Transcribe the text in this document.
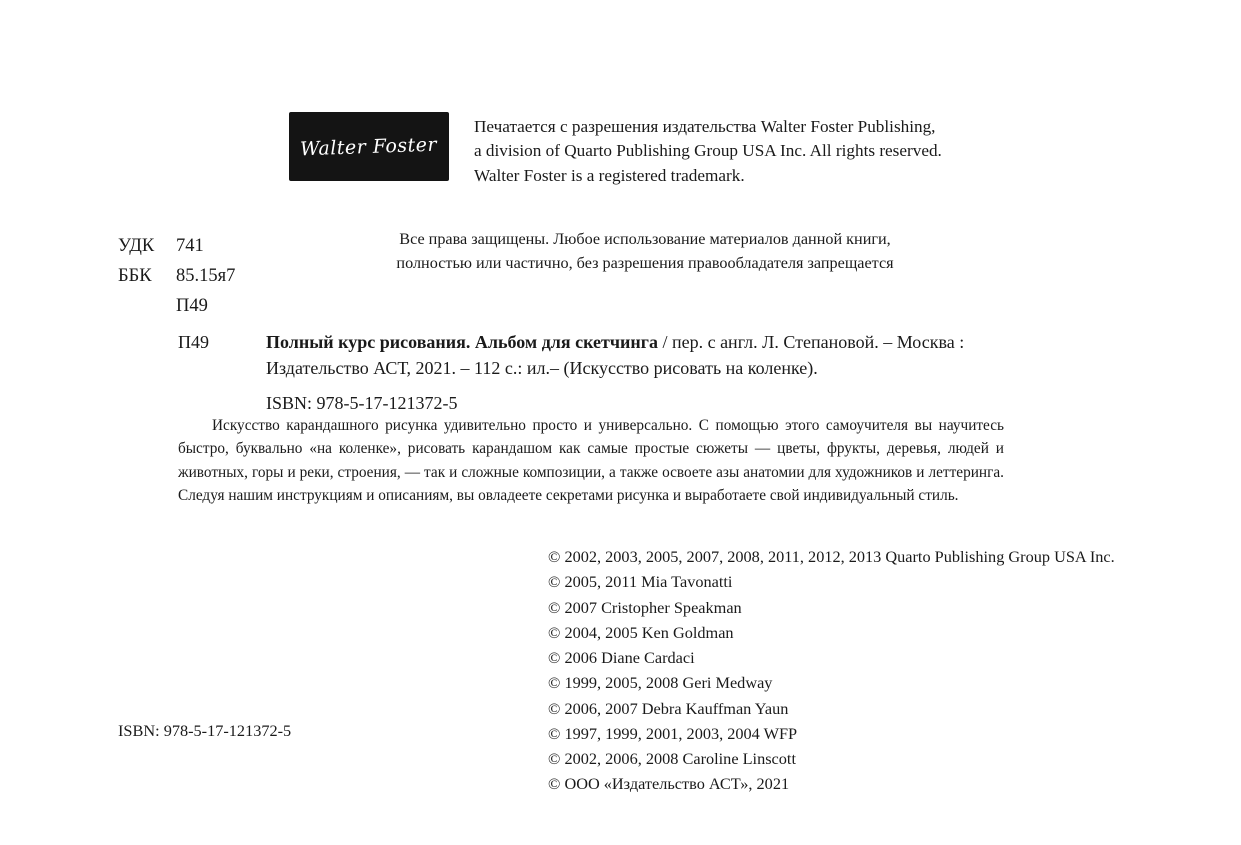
Walter Foster
Печатается с разрешения издательства Walter Foster Publishing,
a division of Quarto Publishing Group USA Inc. All rights reserved.
Walter Foster is a registered trademark.
УДК	741
ББК	85.15я7
П49
Все права защищены. Любое использование материалов данной книги,
полностью или частично, без разрешения правообладателя запрещается
П49	Полный курс рисования. Альбом для скетчинга / пер. с англ. Л. Степановой. – Москва : Издательство АСТ, 2021. – 112 с.: ил.– (Искусство рисовать на коленке).
ISBN: 978-5-17-121372-5
Искусство карандашного рисунка удивительно просто и универсально. С помощью этого самоучителя вы научитесь быстро, буквально «на коленке», рисовать карандашом как самые простые сюжеты — цветы, фрукты, деревья, людей и животных, горы и реки, строения, — так и сложные композиции, а также освоете азы анатомии для художников и леттеринга. Следуя нашим инструкциям и описаниям, вы овладеете секретами рисунка и выработаете свой индивидуальный стиль.
© 2002, 2003, 2005, 2007, 2008, 2011, 2012, 2013 Quarto Publishing Group USA Inc.
© 2005, 2011 Mia Tavonatti
© 2007 Cristopher Speakman
© 2004, 2005 Ken Goldman
© 2006 Diane Cardaci
© 1999, 2005, 2008 Geri Medway
© 2006, 2007 Debra Kauffman Yaun
© 1997, 1999, 2001, 2003, 2004 WFP
© 2002, 2006, 2008 Caroline Linscott
© ООО «Издательство АСТ», 2021
ISBN: 978-5-17-121372-5
